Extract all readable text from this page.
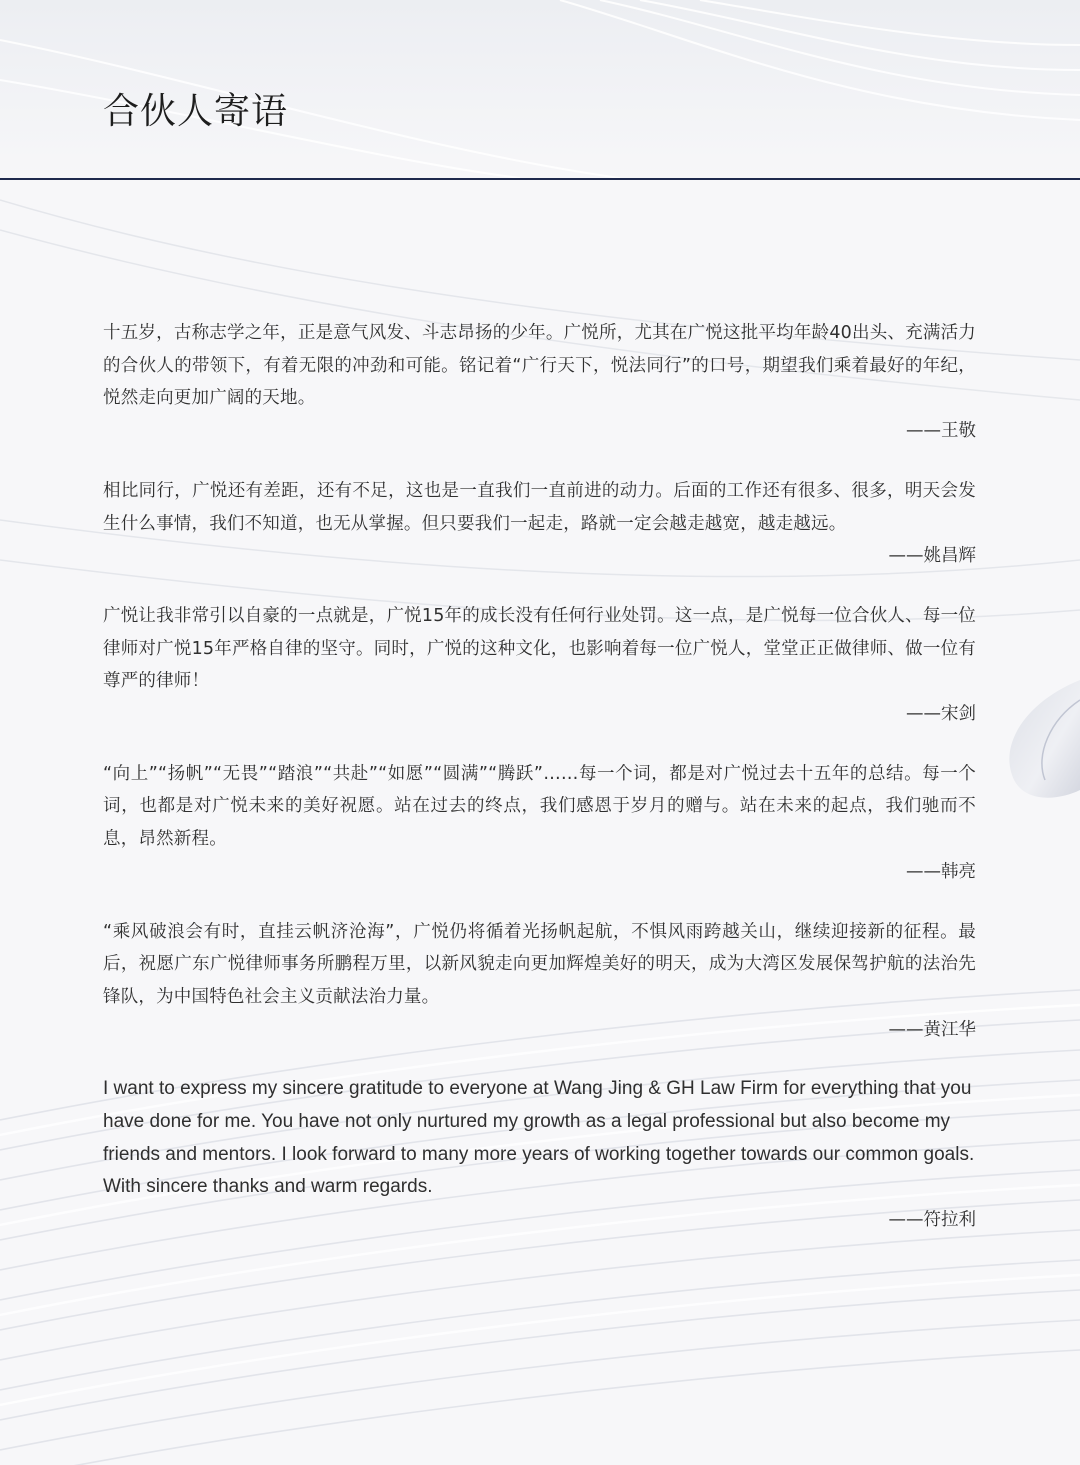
合伙人寄语

十五岁，古称志学之年，正是意气风发、斗志昂扬的少年。广悦所，尤其在广悦这批平均年龄40出头、充满活力的合伙人的带领下，有着无限的冲劲和可能。铭记着“广行天下，悦法同行”的口号，期望我们乘着最好的年纪，悦然走向更加广阔的天地。

——王敬

相比同行，广悦还有差距，还有不足，这也是一直我们一直前进的动力。后面的工作还有很多、很多，明天会发生什么事情，我们不知道，也无从掌握。但只要我们一起走，路就一定会越走越宽，越走越远。

——姚昌辉

广悦让我非常引以自豪的一点就是，广悦15年的成长没有任何行业处罚。这一点，是广悦每一位合伙人、每一位律师对广悦15年严格自律的坚守。同时，广悦的这种文化，也影响着每一位广悦人，堂堂正正做律师、做一位有尊严的律师！

——宋剑

“向上”“扬帆”“无畏”“踏浪”“共赴”“如愿”“圆满”“腾跃”……每一个词，都是对广悦过去十五年的总结。每一个词，也都是对广悦未来的美好祝愿。站在过去的终点，我们感恩于岁月的赠与。站在未来的起点，我们驰而不息，昂然新程。

——韩亮

“乘风破浪会有时，直挂云帆济沧海”，广悦仍将循着光扬帆起航，不惧风雨跨越关山，继续迎接新的征程。最后，祝愿广东广悦律师事务所鹏程万里，以新风貌走向更加辉煌美好的明天，成为大湾区发展保驾护航的法治先锋队，为中国特色社会主义贡献法治力量。

——黄江华

I want to express my sincere gratitude to everyone at Wang Jing & GH Law Firm for everything that you have done for me. You have not only nurtured my growth as a legal professional but also become my friends and mentors. I look forward to many more years of working together towards our common goals. With sincere thanks and warm regards.

——符拉利
